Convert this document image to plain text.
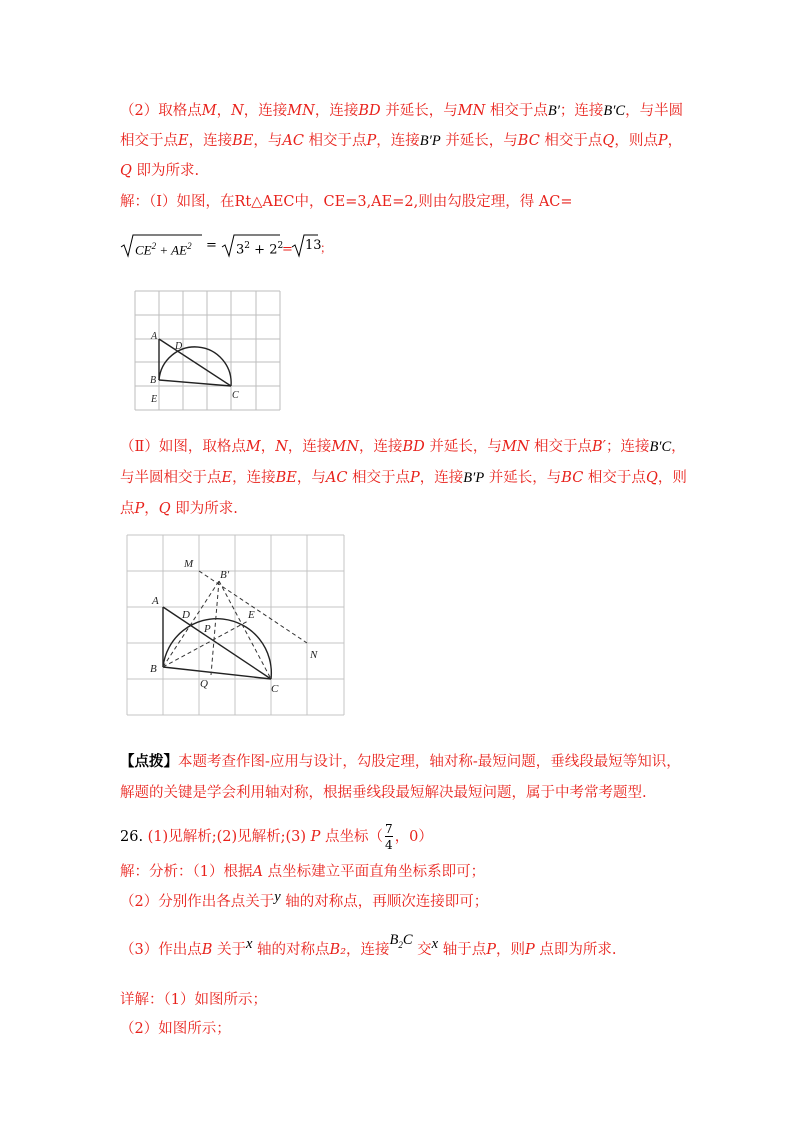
（2）取格点M，N，连接MN，连接BD 并延长，与MN 相交于点B′；连接B′C，与半圆
相交于点E，连接BE，与AC 相交于点P，连接B′P 并延长，与BC 相交于点Q，则点P，
Q 即为所求.
解：（Ⅰ）如图，在Rt△AEC中，CE=3,AE=2,则由勾股定理，得 AC=
$CE^2 + AE^2 = 3^2 + 2^2$
= 13
；
A
D
B
E	C
（Ⅱ）如图，取格点M，N，连接MN，连接BD 并延长，与MN 相交于点B′；连接B′C，
与半圆相交于点E，连接BE，与AC 相交于点P，连接B′P 并延长，与BC 相交于点Q，则
点P，Q 即为所求.
M
B′
A
D	E
P
N
B
Q	C
【点拨】本题考查作图-应用与设计，勾股定理，轴对称-最短问题，垂线段最短等知识，
解题的关键是学会利用轴对称，根据垂线段最短解决最短问题，属于中考常考题型.
26. (1)见解析;(2)见解析;(3) P 点坐标（ $\frac{7}{4}$ ，0）
解：分析：（1）根据A 点坐标建立平面直角坐标系即可；
（2）分别作出各点关于y 轴的对称点，再顺次连接即可；
（3）作出点B 关于x 轴的对称点B₂，连接$B_2C$ 交x 轴于点P，则P 点即为所求.
详解：（1）如图所示；
（2）如图所示；
